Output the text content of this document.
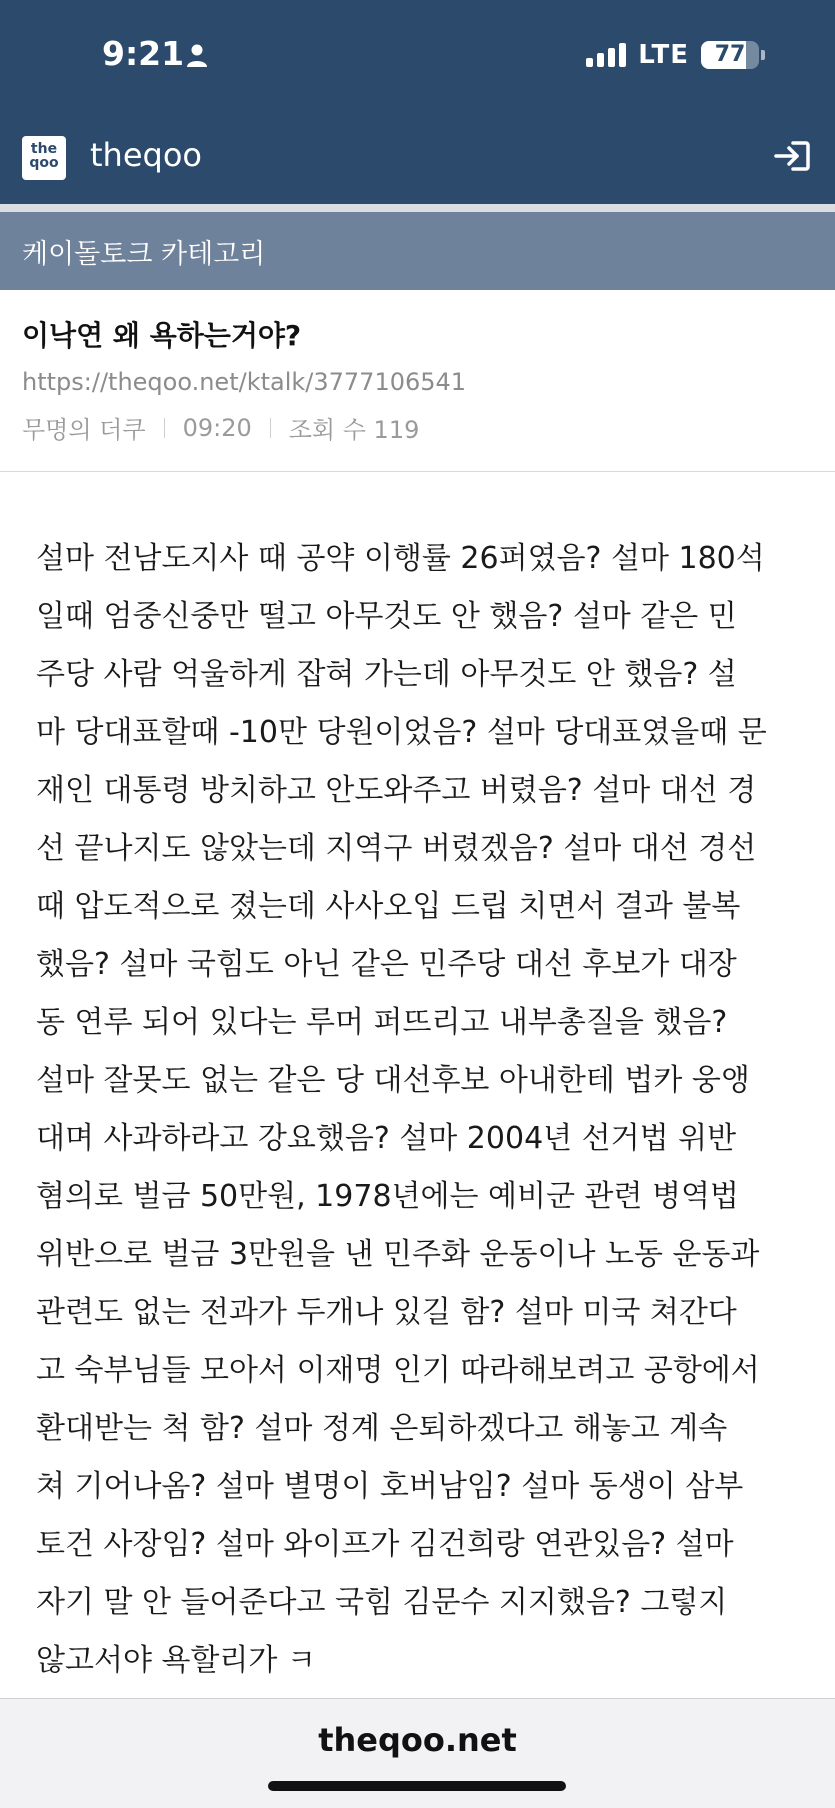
9:21	LTE	77
the
qoo theqoo
케이돌토크 카테고리
이낙연 왜 욕하는거야?
https://theqoo.net/ktalk/3777106541
무명의 더쿠 09:20 조회 수 119
설마 전남도지사 때 공약 이행률 26퍼였음? 설마 180석
일때 엄중신중만 떨고 아무것도 안 했음? 설마 같은 민
주당 사람 억울하게 잡혀 가는데 아무것도 안 했음? 설
마 당대표할때 -10만 당원이었음? 설마 당대표였을때 문
재인 대통령 방치하고 안도와주고 버렸음? 설마 대선 경
선 끝나지도 않았는데 지역구 버렸겠음? 설마 대선 경선
때 압도적으로 졌는데 사사오입 드립 치면서 결과 불복
했음? 설마 국힘도 아닌 같은 민주당 대선 후보가 대장
동 연루 되어 있다는 루머 퍼뜨리고 내부총질을 했음?
설마 잘못도 없는 같은 당 대선후보 아내한테 법카 웅앵
대며 사과하라고 강요했음? 설마 2004년 선거법 위반
혐의로 벌금 50만원, 1978년에는 예비군 관련 병역법
위반으로 벌금 3만원을 낸 민주화 운동이나 노동 운동과
관련도 없는 전과가 두개나 있길 함? 설마 미국 쳐간다
고 숙부님들 모아서 이재명 인기 따라해보려고 공항에서
환대받는 척 함? 설마 정계 은퇴하겠다고 해놓고 계속
쳐 기어나옴? 설마 별명이 호버남임? 설마 동생이 삼부
토건 사장임? 설마 와이프가 김건희랑 연관있음? 설마
자기 말 안 들어준다고 국힘 김문수 지지했음? 그렇지
않고서야 욕할리가 ㅋ
theqoo.net
